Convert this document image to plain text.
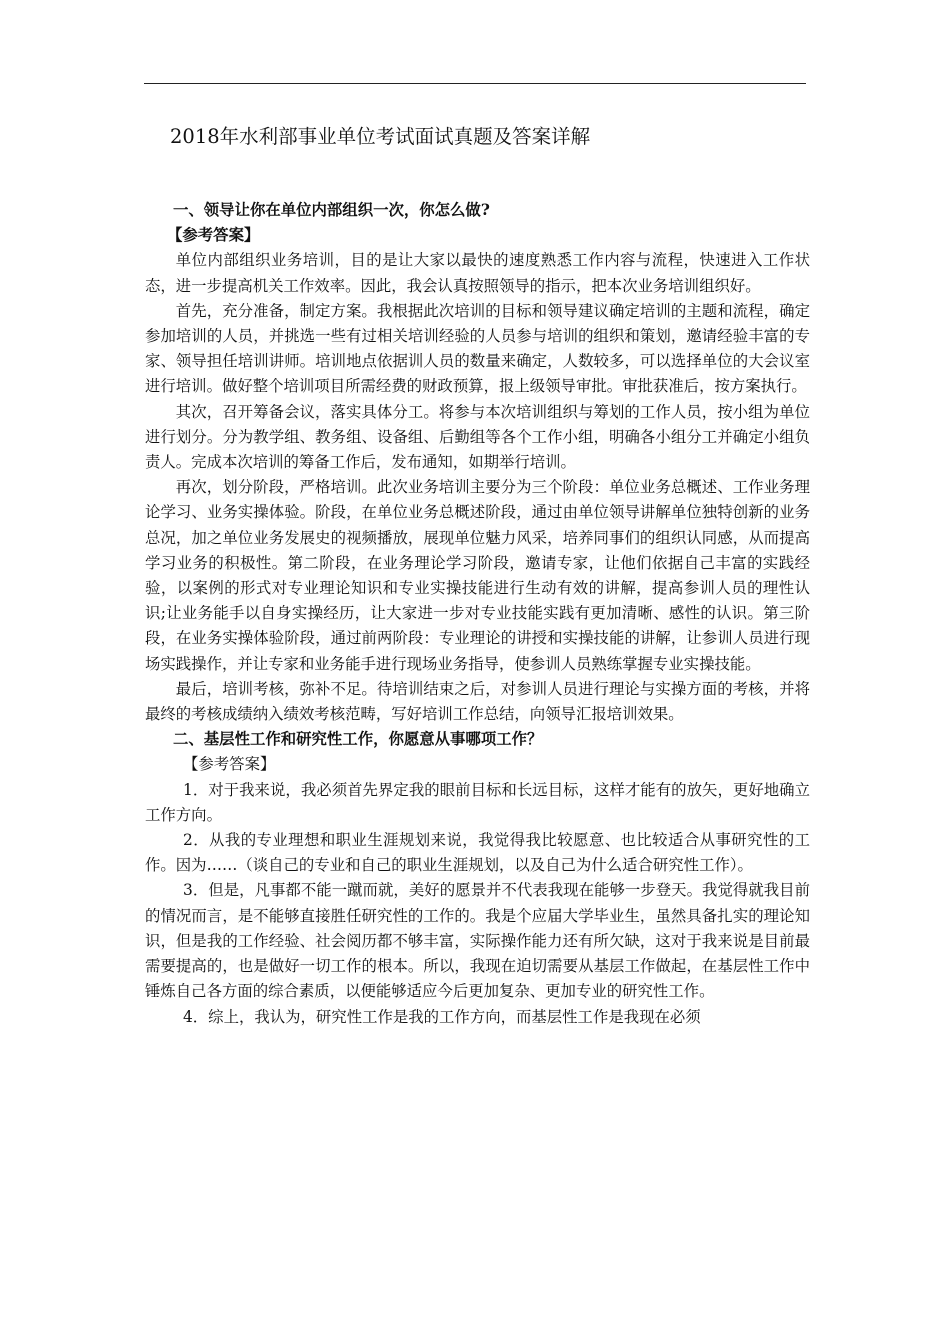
2018年水利部事业单位考试面试真题及答案详解

一、领导让你在单位内部组织一次，你怎么做?

【参考答案】

单位内部组织业务培训，目的是让大家以最快的速度熟悉工作内容与流程，快速进入工作状态，进一步提高机关工作效率。因此，我会认真按照领导的指示，把本次业务培训组织好。

首先，充分准备，制定方案。我根据此次培训的目标和领导建议确定培训的主题和流程，确定参加培训的人员，并挑选一些有过相关培训经验的人员参与培训的组织和策划，邀请经验丰富的专家、领导担任培训讲师。培训地点依据训人员的数量来确定，人数较多，可以选择单位的大会议室进行培训。做好整个培训项目所需经费的财政预算，报上级领导审批。审批获准后，按方案执行。

其次，召开筹备会议，落实具体分工。将参与本次培训组织与筹划的工作人员，按小组为单位进行划分。分为教学组、教务组、设备组、后勤组等各个工作小组，明确各小组分工并确定小组负责人。完成本次培训的筹备工作后，发布通知，如期举行培训。

再次，划分阶段，严格培训。此次业务培训主要分为三个阶段：单位业务总概述、工作业务理论学习、业务实操体验。阶段，在单位业务总概述阶段，通过由单位领导讲解单位独特创新的业务总况，加之单位业务发展史的视频播放，展现单位魅力风采，培养同事们的组织认同感，从而提高学习业务的积极性。第二阶段，在业务理论学习阶段，邀请专家，让他们依据自己丰富的实践经验，以案例的形式对专业理论知识和专业实操技能进行生动有效的讲解，提高参训人员的理性认识;让业务能手以自身实操经历，让大家进一步对专业技能实践有更加清晰、感性的认识。第三阶段，在业务实操体验阶段，通过前两阶段：专业理论的讲授和实操技能的讲解，让参训人员进行现场实践操作，并让专家和业务能手进行现场业务指导，使参训人员熟练掌握专业实操技能。

最后，培训考核，弥补不足。待培训结束之后，对参训人员进行理论与实操方面的考核，并将最终的考核成绩纳入绩效考核范畴，写好培训工作总结，向领导汇报培训效果。

二、基层性工作和研究性工作，你愿意从事哪项工作？

【参考答案】

1．对于我来说，我必须首先界定我的眼前目标和长远目标，这样才能有的放矢，更好地确立工作方向。

2．从我的专业理想和职业生涯规划来说，我觉得我比较愿意、也比较适合从事研究性的工作。因为……（谈自己的专业和自己的职业生涯规划，以及自己为什么适合研究性工作）。

3．但是，凡事都不能一蹴而就，美好的愿景并不代表我现在能够一步登天。我觉得就我目前的情况而言，是不能够直接胜任研究性的工作的。我是个应届大学毕业生，虽然具备扎实的理论知识，但是我的工作经验、社会阅历都不够丰富，实际操作能力还有所欠缺，这对于我来说是目前最需要提高的，也是做好一切工作的根本。所以，我现在迫切需要从基层工作做起，在基层性工作中锤炼自己各方面的综合素质，以便能够适应今后更加复杂、更加专业的研究性工作。

4．综上，我认为，研究性工作是我的工作方向，而基层性工作是我现在必须
